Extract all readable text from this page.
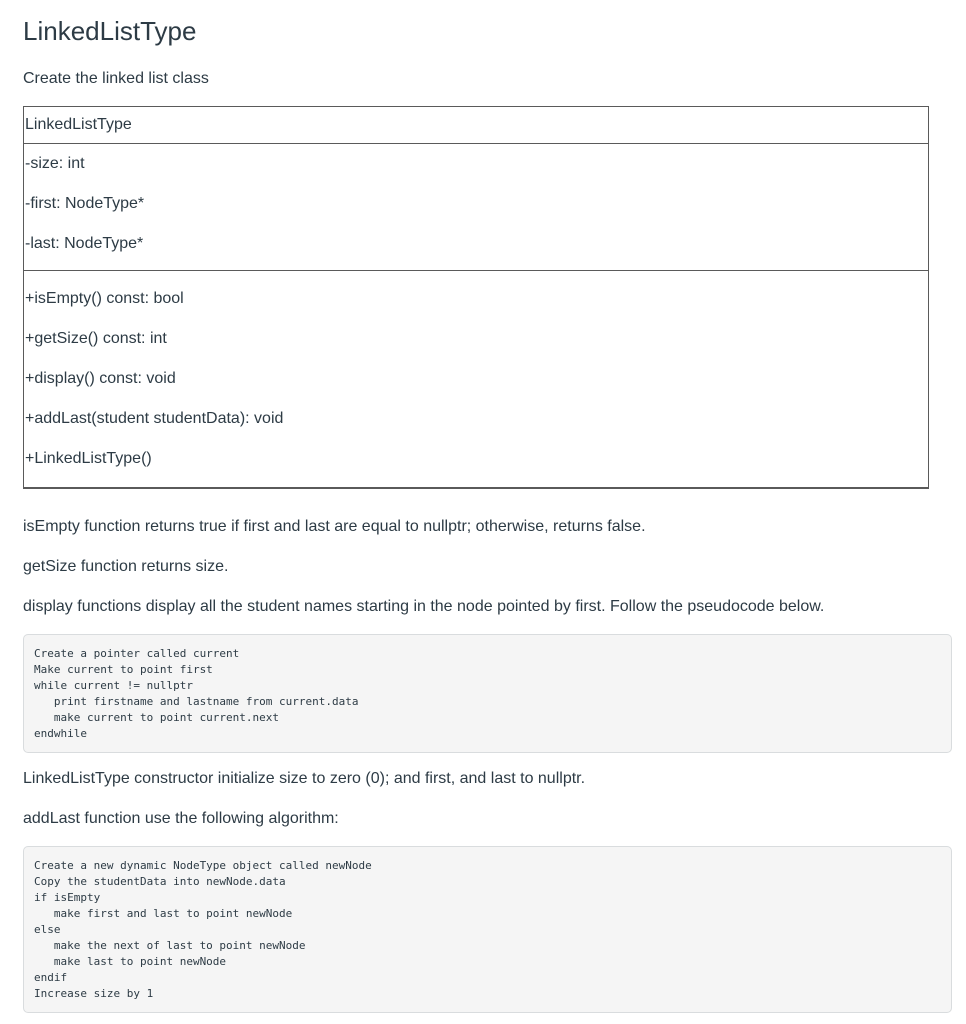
LinkedListType

Create the linked list class

LinkedListType
-size: int
-first: NodeType*
-last: NodeType*
+isEmpty() const: bool
+getSize() const: int
+display() const: void
+addLast(student studentData): void
+LinkedListType()

isEmpty function returns true if first and last are equal to nullptr; otherwise, returns false.

getSize function returns size.

display functions display all the student names starting in the node pointed by first. Follow the pseudocode below.

Create a pointer called current
Make current to point first
while current != nullptr
print firstname and lastname from current.data
make current to point current.next
endwhile

LinkedListType constructor initialize size to zero (0); and first, and last to nullptr.

addLast function use the following algorithm:

Create a new dynamic NodeType object called newNode
Copy the studentData into newNode.data
if isEmpty
make first and last to point newNode
else
make the next of last to point newNode
make last to point newNode
endif
Increase size by 1
